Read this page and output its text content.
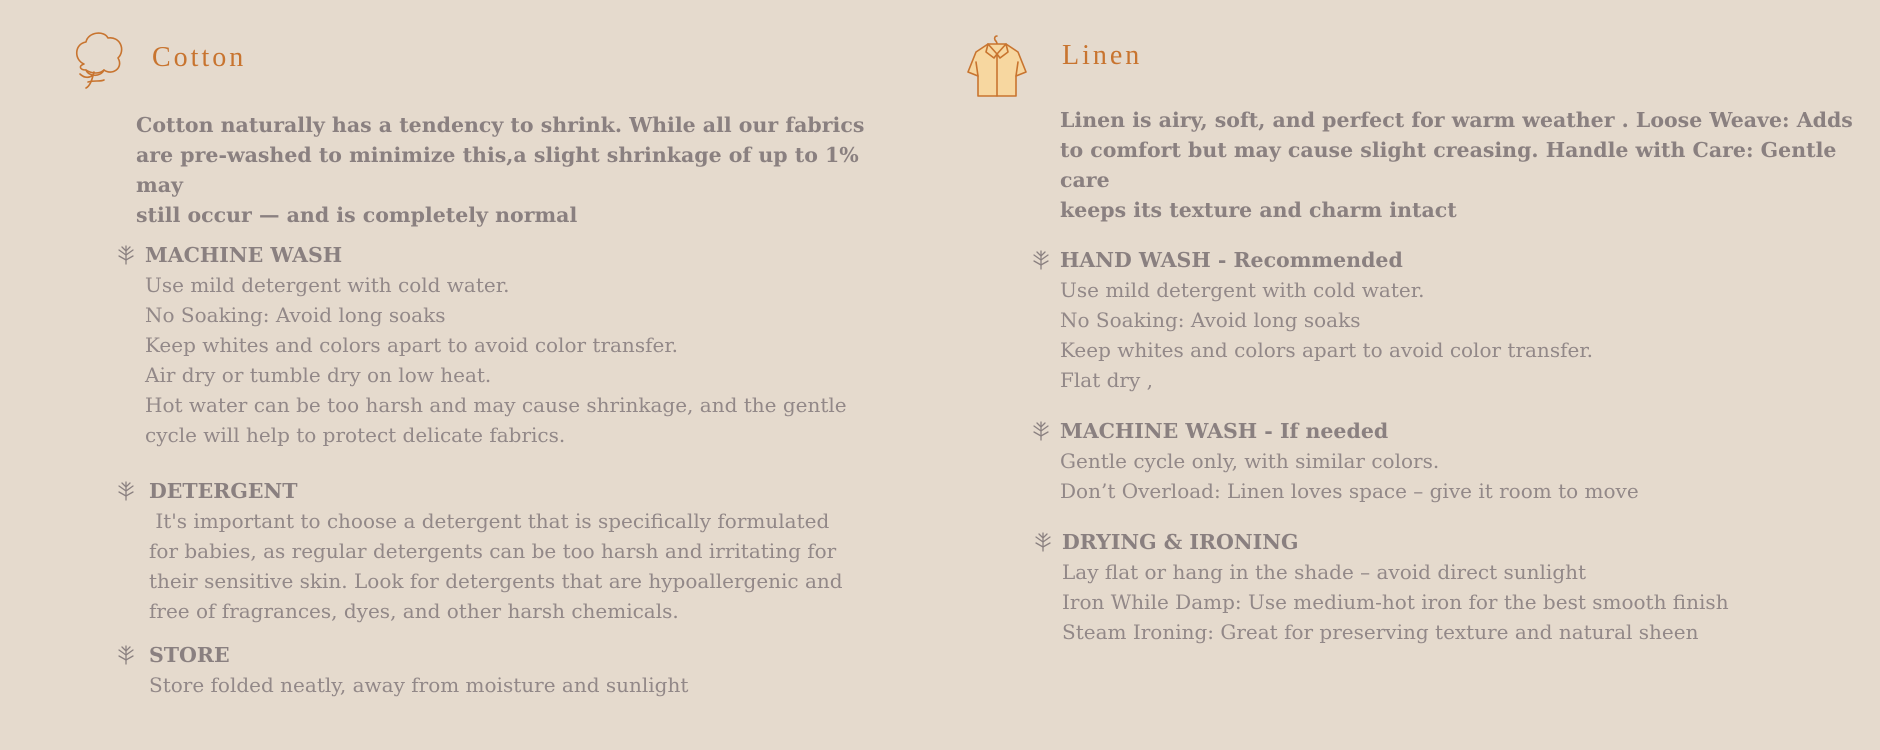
Cotton
Cotton naturally has a tendency to shrink. While all our fabrics
are pre-washed to minimize this,a slight shrinkage of up to 1% may
still occur — and is completely normal
MACHINE WASH
Use mild detergent with cold water.
No Soaking: Avoid long soaks
Keep whites and colors apart to avoid color transfer.
Air dry or tumble dry on low heat.
Hot water can be too harsh and may cause shrinkage, and the gentle
cycle will help to protect delicate fabrics.
DETERGENT
It's important to choose a detergent that is specifically formulated
for babies, as regular detergents can be too harsh and irritating for
their sensitive skin. Look for detergents that are hypoallergenic and
free of fragrances, dyes, and other harsh chemicals.
STORE
Store folded neatly, away from moisture and sunlight
Linen
Linen is airy, soft, and perfect for warm weather . Loose Weave: Adds
to comfort but may cause slight creasing. Handle with Care: Gentle care
keeps its texture and charm intact
HAND WASH - Recommended
Use mild detergent with cold water.
No Soaking: Avoid long soaks
Keep whites and colors apart to avoid color transfer.
Flat dry ,
MACHINE WASH - If needed
Gentle cycle only, with similar colors.
Don’t Overload: Linen loves space – give it room to move
DRYING & IRONING
Lay flat or hang in the shade – avoid direct sunlight
Iron While Damp: Use medium-hot iron for the best smooth finish
Steam Ironing: Great for preserving texture and natural sheen
